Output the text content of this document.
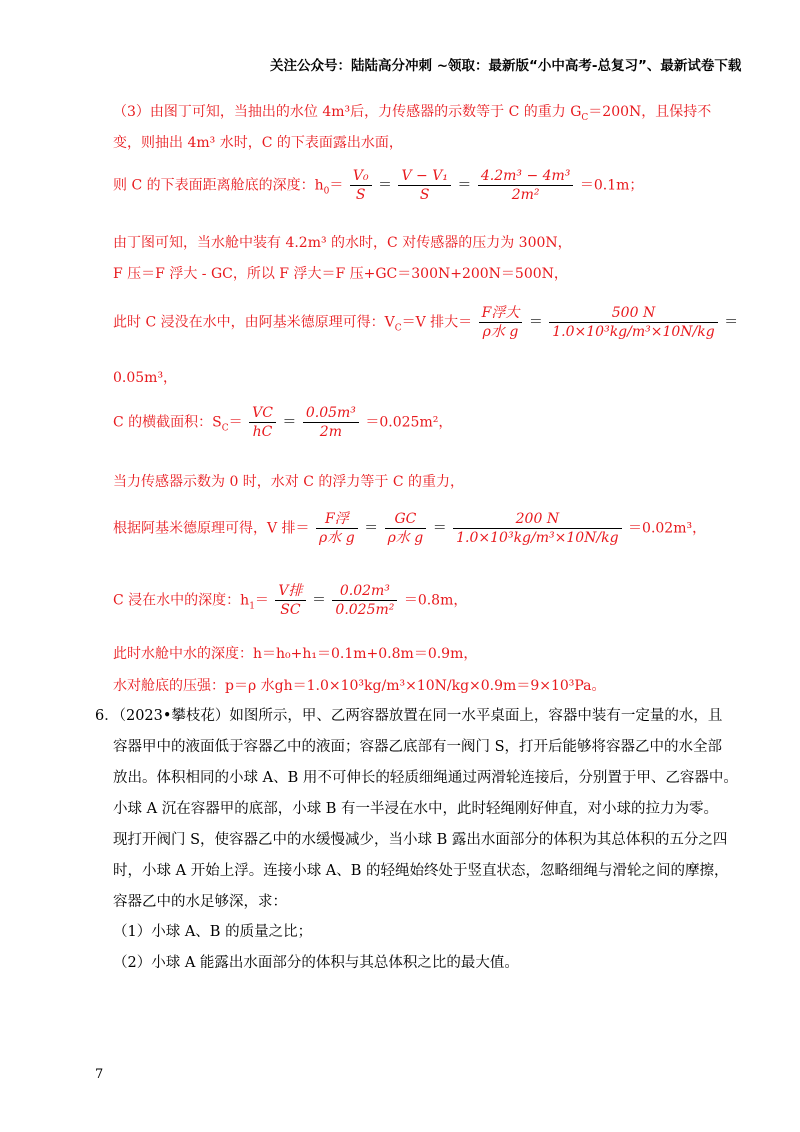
关注公众号：陆陆高分冲刺 ~领取：最新版“小中高考-总复习”、最新试卷下载
（3）由图丁可知，当抽出的水位 4m³后，力传感器的示数等于 C 的重力 $G_C=200N$，且保持不
变，则抽出 4m³ 水时，C 的下表面露出水面，
则 C 的下表面距离舱底的深度：$h_0= \frac{\text{V₀}}{S} = \frac{\text{V − V₁}}{S} = \frac{\text{4.2m³ − 4m³}}{\text{2m²}} =0.1m$；
由丁图可知，当水舱中装有 4.2m³ 的水时，C 对传感器的压力为 300N，
F 压＝F 浮大 - GC，所以 F 浮大＝F 压+GC＝300N+200N＝500N，
此时 C 浸没在水中，由阿基米德原理可得：$V_C=V$ 排大＝ $\frac{\text{F浮大}}{\text{ρ水 g}} = \frac{500 N}{\text{1.0×10³kg/m³×10N/kg}}$ ＝
0.05m³，
C 的横截面积：$S_C= \frac{VC}{hC} = \frac{\text{0.05m³}}{2m} =0.025m^2$，
当力传感器示数为 0 时，水对 C 的浮力等于 C 的重力，
根据阿基米德原理可得，V 排＝ $\frac{\text{F浮}}{\text{ρ水 g}} = \frac{GC}{\text{ρ水 g}} = \frac{200 N}{\text{1.0×10³kg/m³×10N/kg}} =0.02m^3$，
C 浸在水中的深度：$h_1= \frac{\text{V排}}{SC} = \frac{\text{0.02m³}}{\text{0.025m²}} =0.8m$，
此时水舱中水的深度：h＝h₀+h₁＝0.1m+0.8m＝0.9m，
水对舱底的压强：p＝ρ 水gh＝1.0×10³kg/m³×10N/kg×0.9m＝9×10³Pa。
6．（2023•攀枝花）如图所示，甲、乙两容器放置在同一水平桌面上，容器中装有一定量的水，且
容器甲中的液面低于容器乙中的液面；容器乙底部有一阀门 S，打开后能够将容器乙中的水全部
放出。体积相同的小球 A、B 用不可伸长的轻质细绳通过两滑轮连接后，分别置于甲、乙容器中。
小球 A 沉在容器甲的底部，小球 B 有一半浸在水中，此时轻绳刚好伸直，对小球的拉力为零。
现打开阀门 S，使容器乙中的水缓慢减少，当小球 B 露出水面部分的体积为其总体积的五分之四
时，小球 A 开始上浮。连接小球 A、B 的轻绳始终处于竖直状态，忽略细绳与滑轮之间的摩擦，
容器乙中的水足够深，求：
（1）小球 A、B 的质量之比；
（2）小球 A 能露出水面部分的体积与其总体积之比的最大值。
7
